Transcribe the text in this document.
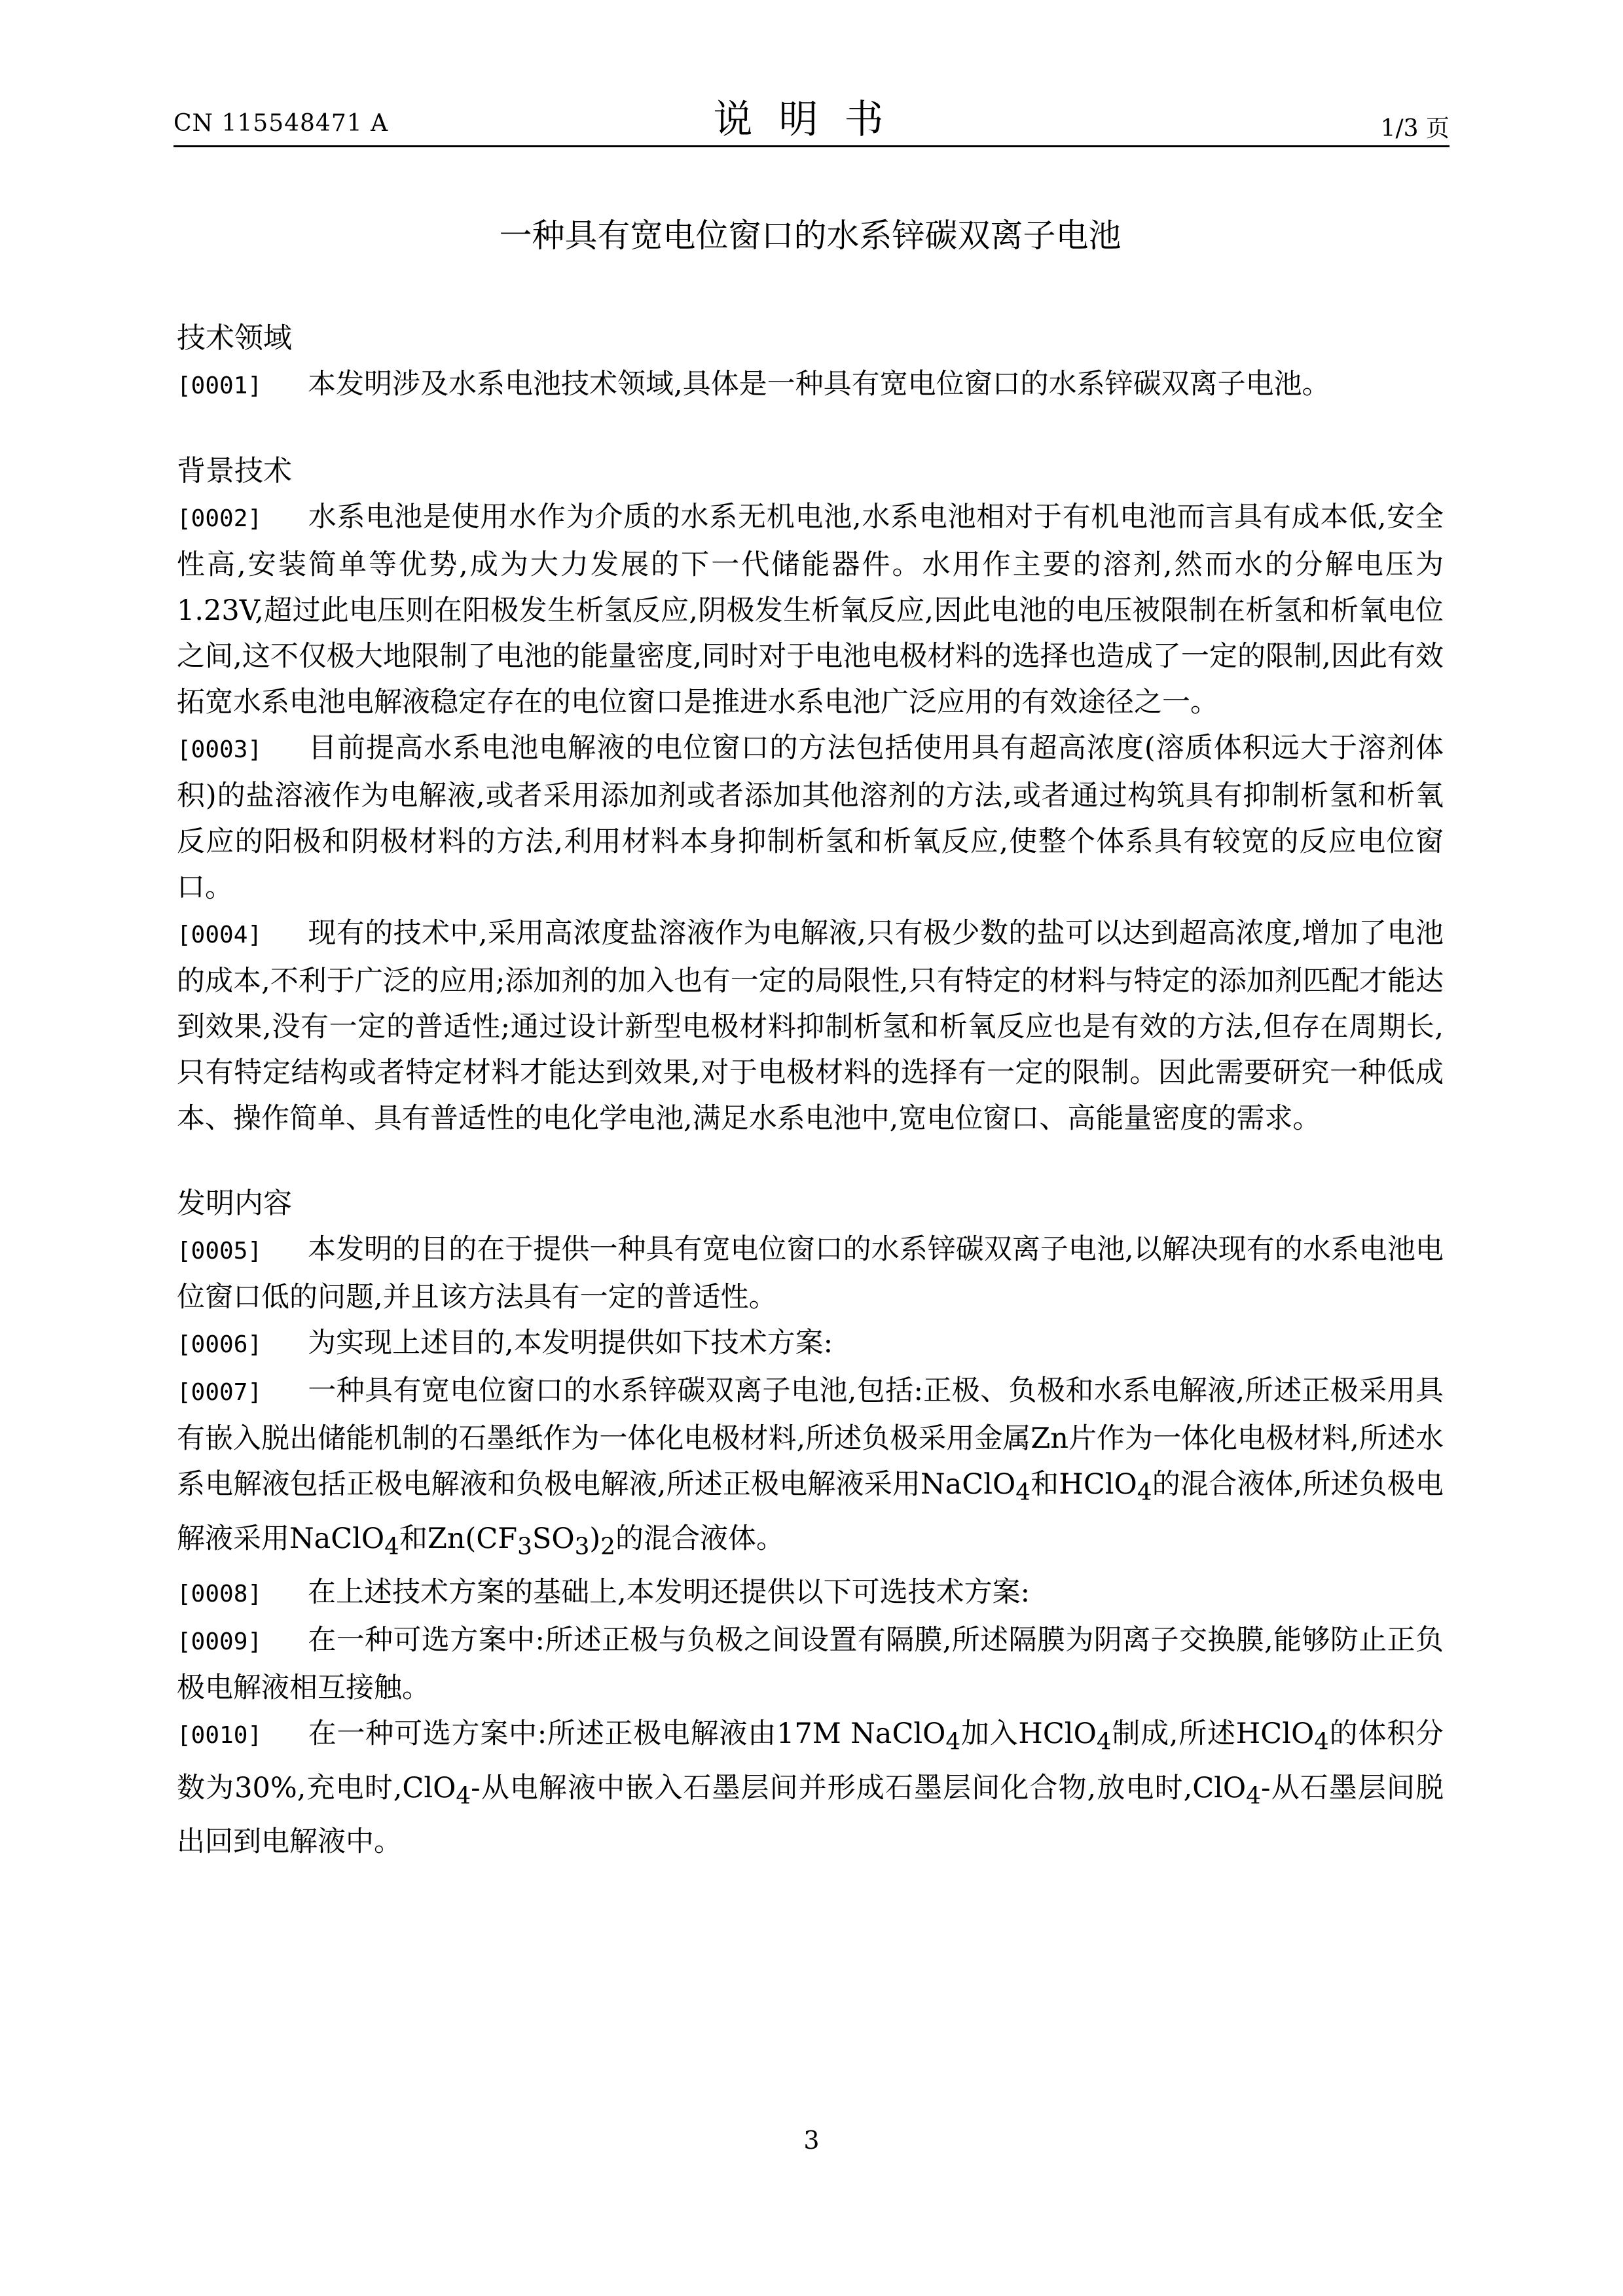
CN 115548471 A	说明书	1/3 页
一种具有宽电位窗口的水系锌碳双离子电池
技术领域
[0001] 本发明涉及水系电池技术领域,具体是一种具有宽电位窗口的水系锌碳双离子电池。
背景技术
[0002] 水系电池是使用水作为介质的水系无机电池,水系电池相对于有机电池而言具有成本低,安全性高,安装简单等优势,成为大力发展的下一代储能器件。水用作主要的溶剂,然而水的分解电压为1.23V,超过此电压则在阳极发生析氢反应,阴极发生析氧反应,因此电池的电压被限制在析氢和析氧电位之间,这不仅极大地限制了电池的能量密度,同时对于电池电极材料的选择也造成了一定的限制,因此有效拓宽水系电池电解液稳定存在的电位窗口是推进水系电池广泛应用的有效途径之一。
[0003] 目前提高水系电池电解液的电位窗口的方法包括使用具有超高浓度(溶质体积远大于溶剂体积)的盐溶液作为电解液,或者采用添加剂或者添加其他溶剂的方法,或者通过构筑具有抑制析氢和析氧反应的阳极和阴极材料的方法,利用材料本身抑制析氢和析氧反应,使整个体系具有较宽的反应电位窗口。
[0004] 现有的技术中,采用高浓度盐溶液作为电解液,只有极少数的盐可以达到超高浓度,增加了电池的成本,不利于广泛的应用;添加剂的加入也有一定的局限性,只有特定的材料与特定的添加剂匹配才能达到效果,没有一定的普适性;通过设计新型电极材料抑制析氢和析氧反应也是有效的方法,但存在周期长,只有特定结构或者特定材料才能达到效果,对于电极材料的选择有一定的限制。因此需要研究一种低成本、操作简单、具有普适性的电化学电池,满足水系电池中,宽电位窗口、高能量密度的需求。
发明内容
[0005] 本发明的目的在于提供一种具有宽电位窗口的水系锌碳双离子电池,以解决现有的水系电池电位窗口低的问题,并且该方法具有一定的普适性。
[0006] 为实现上述目的,本发明提供如下技术方案:
[0007] 一种具有宽电位窗口的水系锌碳双离子电池,包括:正极、负极和水系电解液,所述正极采用具有嵌入脱出储能机制的石墨纸作为一体化电极材料,所述负极采用金属Zn片作为一体化电极材料,所述水系电解液包括正极电解液和负极电解液,所述正极电解液采用NaClO$_4$和HClO$_4$的混合液体,所述负极电解液采用NaClO$_4$和$Zn(CF_3SO_3)_2$的混合液体。
[0008] 在上述技术方案的基础上,本发明还提供以下可选技术方案:
[0009] 在一种可选方案中:所述正极与负极之间设置有隔膜,所述隔膜为阴离子交换膜,能够防止正负极电解液相互接触。
[0010] 在一种可选方案中:所述正极电解液由17M NaClO$_4$加入HClO$_4$制成,所述HClO$_4$的体积分数为30%,充电时,ClO$_4$-从电解液中嵌入石墨层间并形成石墨层间化合物,放电时,ClO$_4$-从石墨层间脱出回到电解液中。
3
